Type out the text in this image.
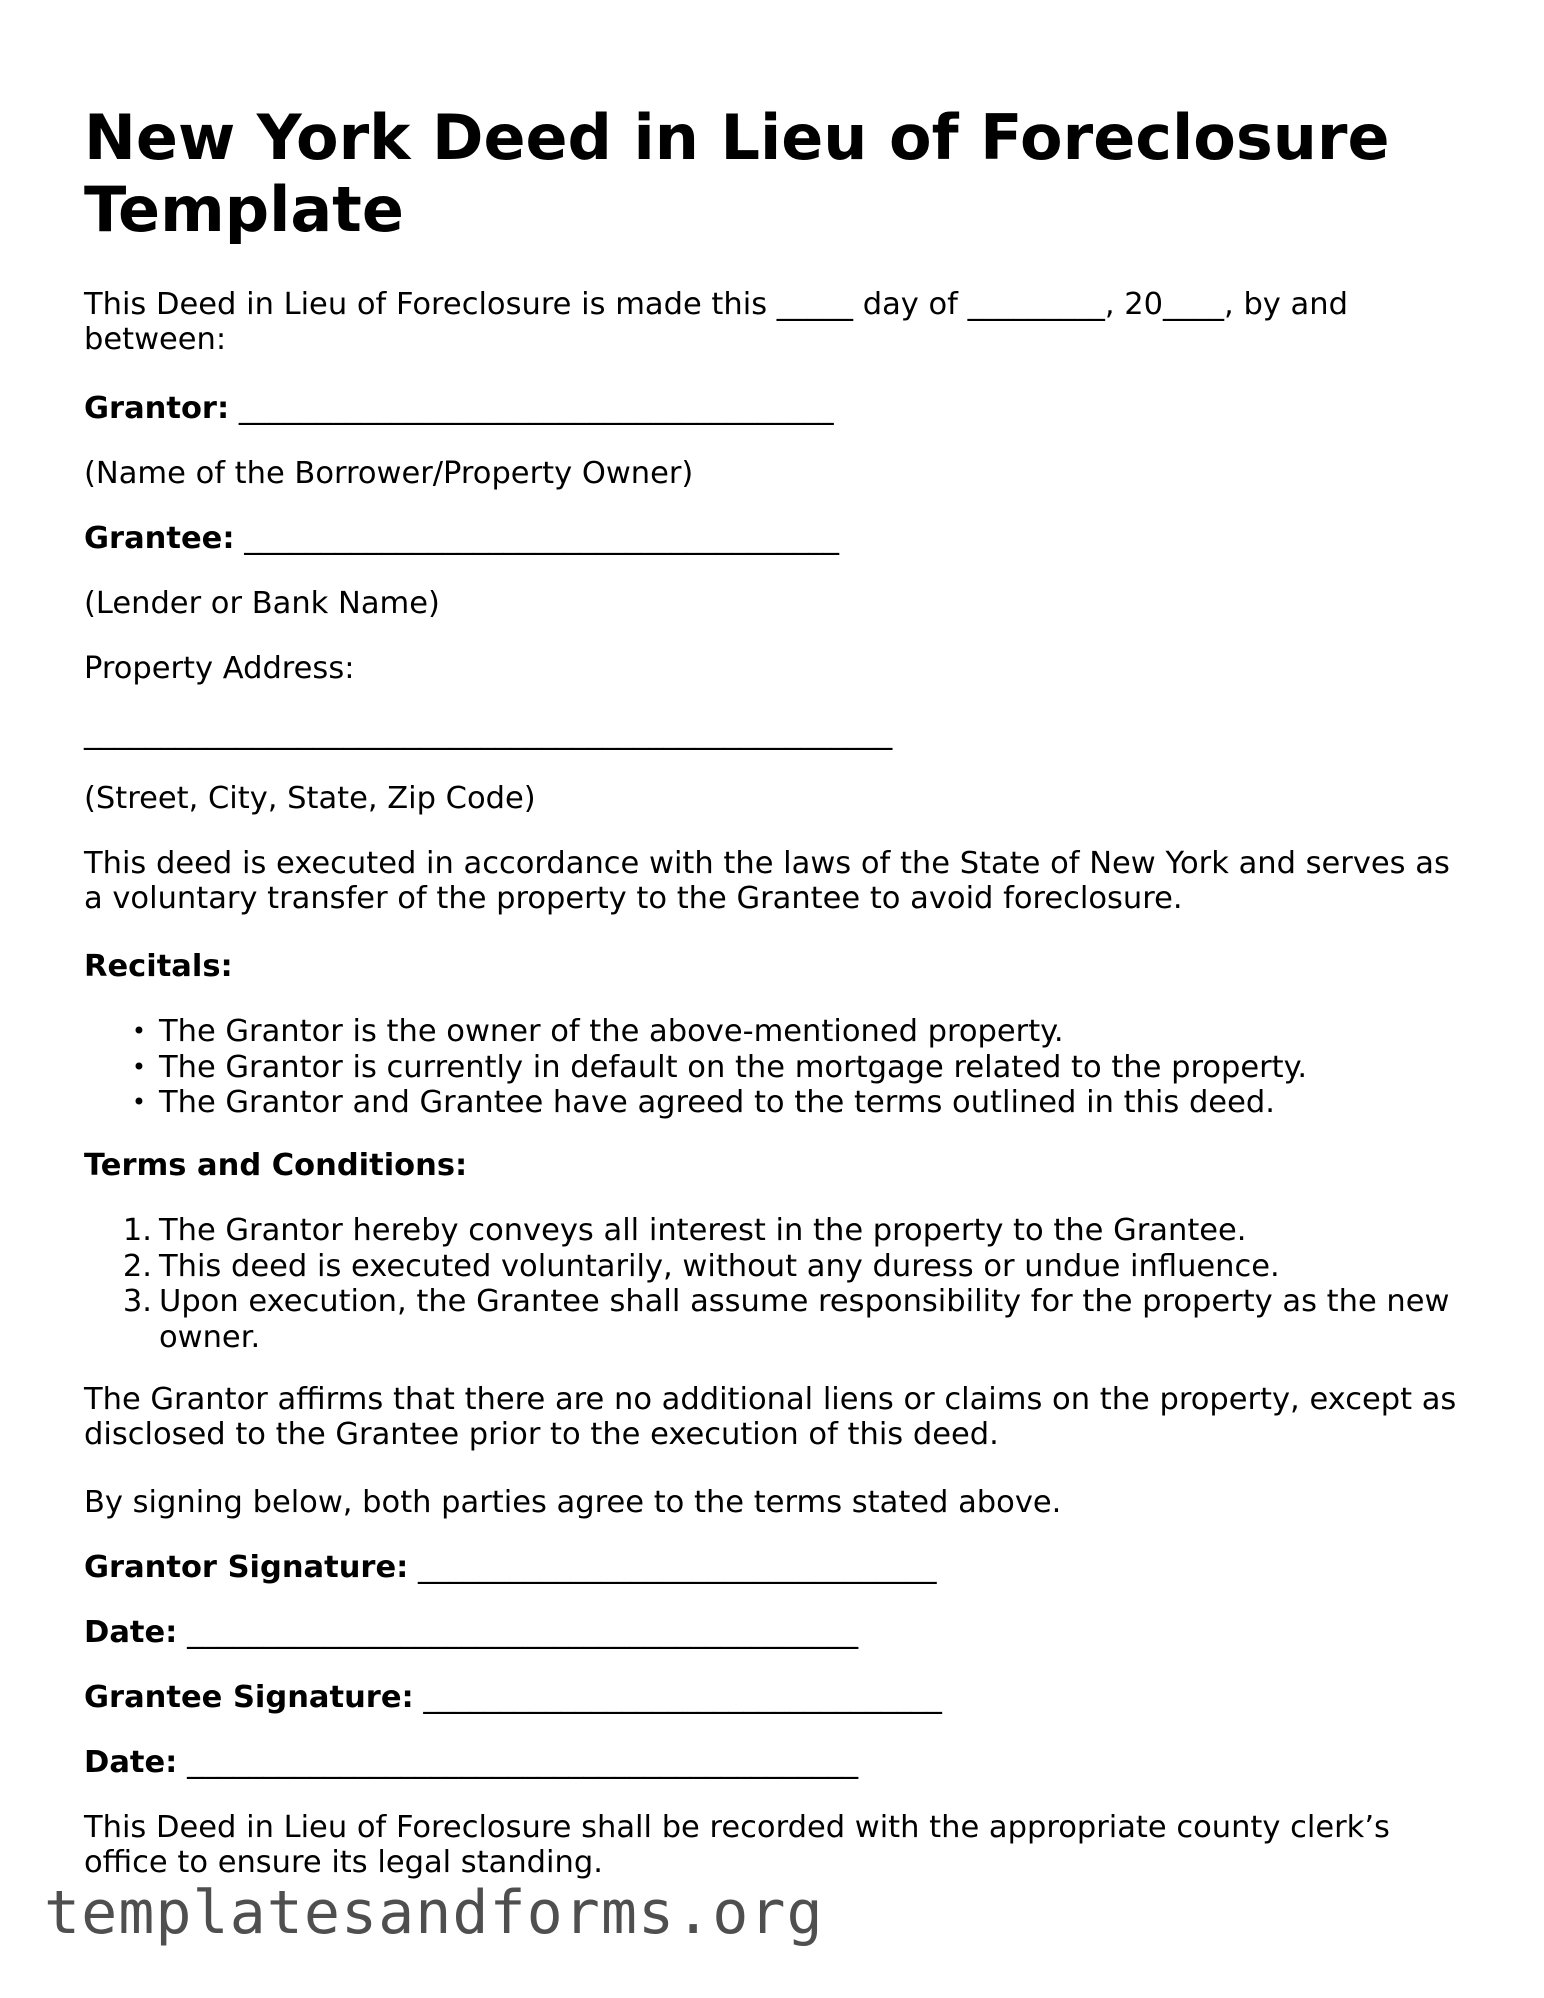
New York Deed in Lieu of Foreclosure Template

This Deed in Lieu of Foreclosure is made this _____ day of _________, 20____, by and between:

Grantor: _______________________________________

(Name of the Borrower/Property Owner)

Grantee: _______________________________________

(Lender or Bank Name)

Property Address:

_____________________________________________________

(Street, City, State, Zip Code)

This deed is executed in accordance with the laws of the State of New York and serves as a voluntary transfer of the property to the Grantee to avoid foreclosure.

Recitals:

• The Grantor is the owner of the above-mentioned property.
• The Grantor is currently in default on the mortgage related to the property.
• The Grantor and Grantee have agreed to the terms outlined in this deed.

Terms and Conditions:

1. The Grantor hereby conveys all interest in the property to the Grantee.
2. This deed is executed voluntarily, without any duress or undue influence.
3. Upon execution, the Grantee shall assume responsibility for the property as the new owner.

The Grantor affirms that there are no additional liens or claims on the property, except as disclosed to the Grantee prior to the execution of this deed.

By signing below, both parties agree to the terms stated above.

Grantor Signature: __________________________________

Date: ____________________________________________

Grantee Signature: __________________________________

Date: ____________________________________________

This Deed in Lieu of Foreclosure shall be recorded with the appropriate county clerk’s office to ensure its legal standing.

templatesandforms.org
